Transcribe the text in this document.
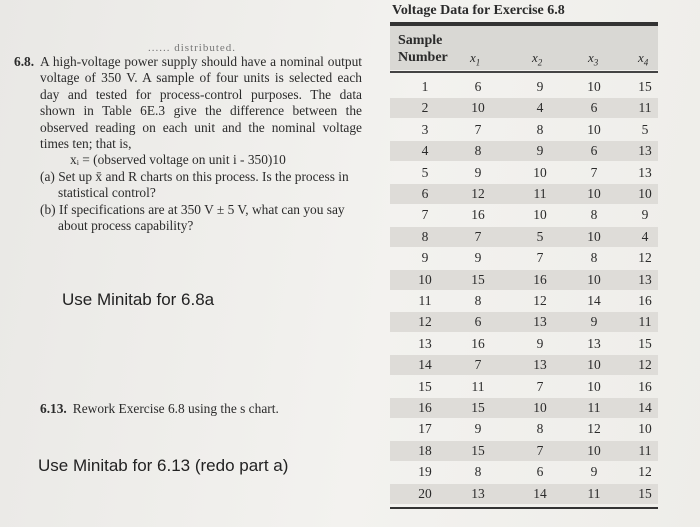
...... distributed.
6.8. A high-voltage power supply should have a nominal output voltage of 350 V. A sample of four units is selected each day and tested for process-control purposes. The data shown in Table 6E.3 give the difference between the observed reading on each unit and the nominal voltage times ten; that is,

xᵢ = (observed voltage on unit i - 350)10

(a) Set up x̄ and R charts on this process. Is the process in statistical control?

(b) If specifications are at 350 V ± 5 V, what can you say about process capability?

Use Minitab for 6.8a
6.13. Rework Exercise 6.8 using the s chart.
Use Minitab for 6.13 (redo part a)
Voltage Data for Exercise 6.8
Sample
Number $x_1$	$x_2$	$x_3$	$x_4$
1	6	9	10	15
2	10	4	6	11
3	7	8	10	5
4	8	9	6	13
5	9	10	7	13
6	12	11	10	10
7	16	10	8	9
8	7	5	10	4
9	9	7	8	12
10	15	16	10	13
11	8	12	14	16
12	6	13	9	11
13	16	9	13	15
14	7	13	10	12
15	11	7	10	16
16	15	10	11	14
17	9	8	12	10
18	15	7	10	11
19	8	6	9	12
20	13	14	11	15
